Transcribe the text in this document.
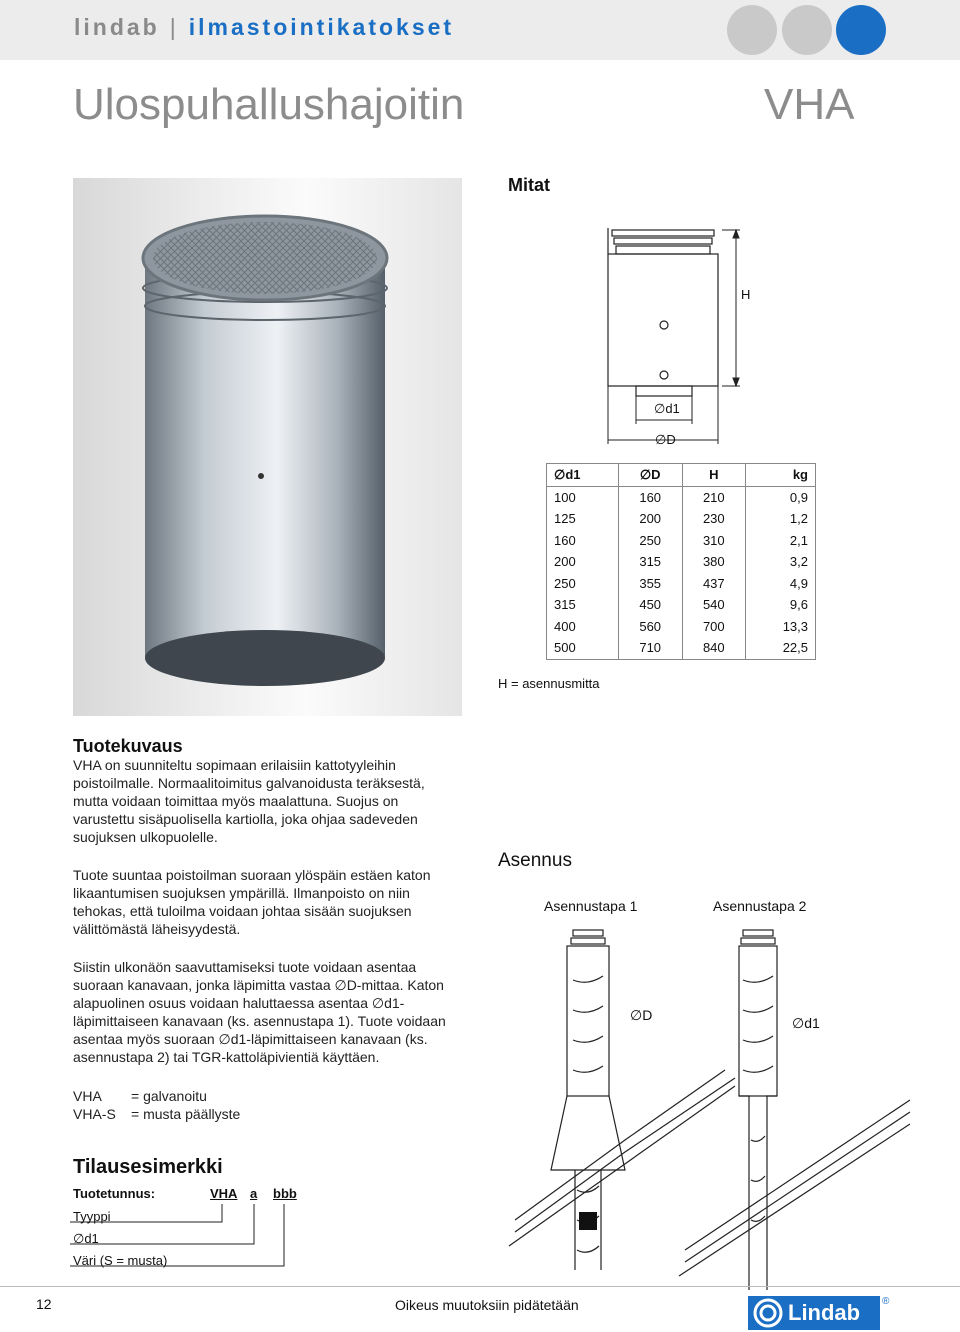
lindab | ilmastointikatokset
Ulospuhallushajoitin	VHA
Mitat
H
∅d1
∅D
∅d1	∅D	H	kg
100	160	210	0,9
125	200	230	1,2
160	250	310	2,1
200	315	380	3,2
250	355	437	4,9
315	450	540	9,6
400	560	700	13,3
500	710	840	22,5
H = asennusmitta
Tuotekuvaus

VHA on suunniteltu sopimaan erilaisiin kattotyyleihin poistoilmalle. Normaalitoimitus galvanoidusta teräksestä, mutta voidaan toimittaa myös maalattuna. Suojus on varustettu sisäpuolisella kartiolla, joka ohjaa sadeveden suojuksen ulkopuolelle.

Tuote suuntaa poistoilman suoraan ylöspäin estäen katon likaantumisen suojuksen ympärillä. Ilmanpoisto on niin tehokas, että tuloilma voidaan johtaa sisään suojuksen välittömästä läheisyydestä.

Siistin ulkonäön saavuttamiseksi tuote voidaan asentaa suoraan kanavaan, jonka läpimitta vastaa ∅D-mittaa. Katon alapuolinen osuus voidaan haluttaessa asentaa ∅d1-läpimittaiseen kanavaan (ks. asennustapa 1). Tuote voidaan asentaa myös suoraan ∅d1-läpimittaiseen kanavaan (ks. asennustapa 2) tai TGR-kattoläpivientiä käyttäen.

VHA = galvanoitu
VHA-S = musta päällyste
Asennus
Asennustapa 1	Asennustapa 2
∅D	∅d1
Tilausesimerkki
Tuotetunnus:	VHA a bbb
Tyyppi
∅d1
Väri (S = musta)
12	Oikeus muutoksiin pidätetään	Lindab ®
